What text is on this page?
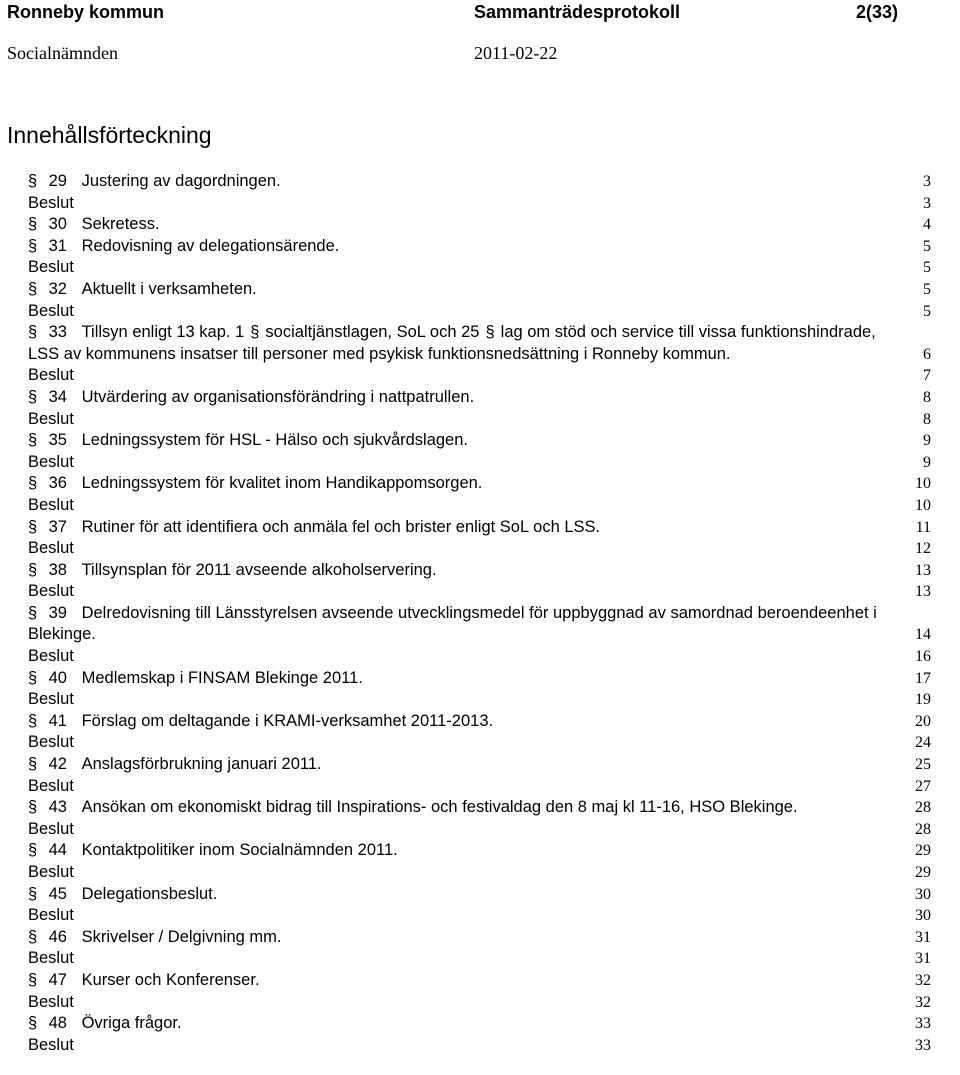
Ronneby kommun	Sammanträdesprotokoll	2(33)
Socialnämnden	2011-02-22
Innehållsförteckning
§ 29 Justering av dagordningen.	3
Beslut	3
§ 30 Sekretess.	4
§ 31 Redovisning av delegationsärende.	5
Beslut	5
§ 32 Aktuellt i verksamheten.	5
Beslut	5
§ 33 Tillsyn enligt 13 kap. 1 § socialtjänstlagen, SoL och 25 § lag om stöd och service till vissa funktionshindrade, LSS av kommunens insatser till personer med psykisk funktionsnedsättning i Ronneby kommun.	6
Beslut	7
§ 34 Utvärdering av organisationsförändring i nattpatrullen.	8
Beslut	8
§ 35 Ledningssystem för HSL - Hälso och sjukvårdslagen.	9
Beslut	9
§ 36 Ledningssystem för kvalitet inom Handikappomsorgen.	10
Beslut	10
§ 37 Rutiner för att identifiera och anmäla fel och brister enligt SoL och LSS.	11
Beslut	12
§ 38 Tillsynsplan för 2011 avseende alkoholservering.	13
Beslut	13
§ 39 Delredovisning till Länsstyrelsen avseende utvecklingsmedel för uppbyggnad av samordnad beroendeenhet i Blekinge.	14
Beslut	16
§ 40 Medlemskap i FINSAM Blekinge 2011.	17
Beslut	19
§ 41 Förslag om deltagande i KRAMI-verksamhet 2011-2013.	20
Beslut	24
§ 42 Anslagsförbrukning januari 2011.	25
Beslut	27
§ 43 Ansökan om ekonomiskt bidrag till Inspirations- och festivaldag den 8 maj kl 11-16, HSO Blekinge.	28
Beslut	28
§ 44 Kontaktpolitiker inom Socialnämnden 2011.	29
Beslut	29
§ 45 Delegationsbeslut.	30
Beslut	30
§ 46 Skrivelser / Delgivning mm.	31
Beslut	31
§ 47 Kurser och Konferenser.	32
Beslut	32
§ 48 Övriga frågor.	33
Beslut	33
